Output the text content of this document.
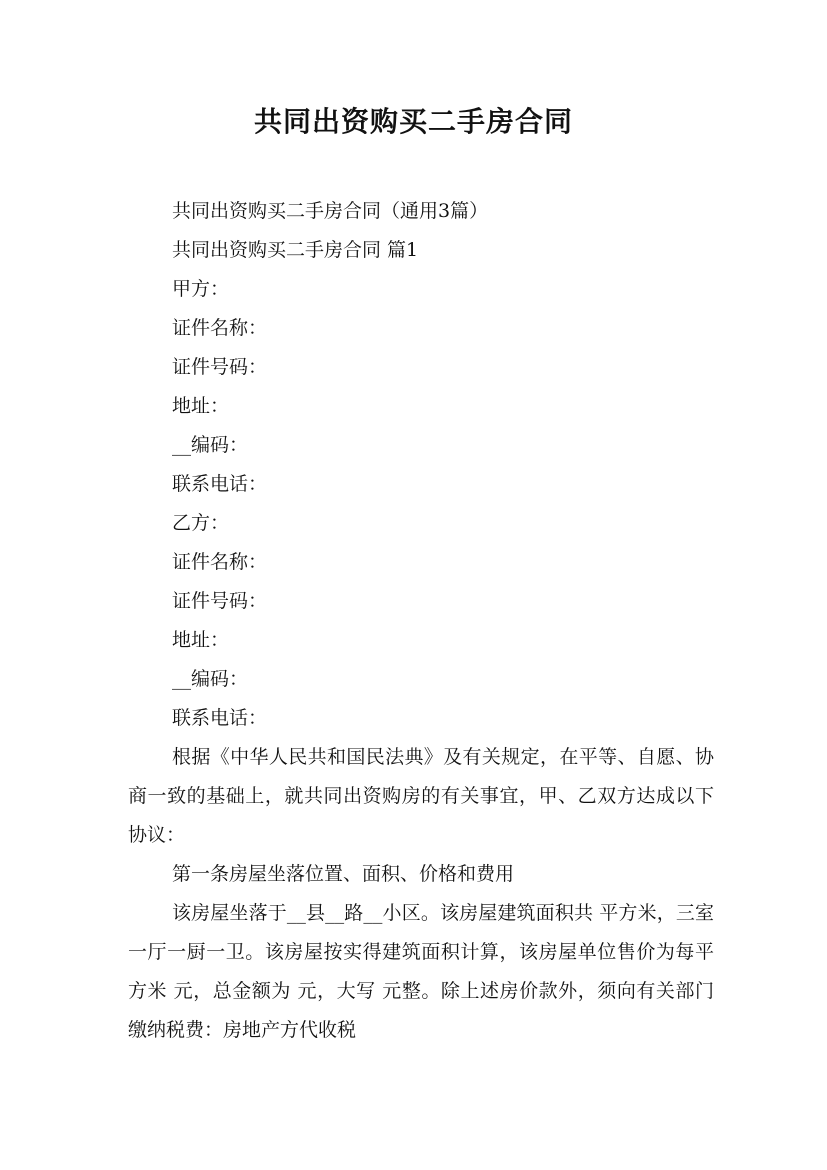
共同出资购买二手房合同

共同出资购买二手房合同（通用3篇）

共同出资购买二手房合同 篇1

甲方：

证件名称：

证件号码：

地址：

__编码：

联系电话：

乙方：

证件名称：

证件号码：

地址：

__编码：

联系电话：

根据《中华人民共和国民法典》及有关规定，在平等、自愿、协商一致的基础上，就共同出资购房的有关事宜，甲、乙双方达成以下协议：

第一条房屋坐落位置、面积、价格和费用

该房屋坐落于__县__路__小区。该房屋建筑面积共 平方米，三室一厅一厨一卫。该房屋按实得建筑面积计算，该房屋单位售价为每平方米 元，总金额为 元，大写 元整。除上述房价款外，须向有关部门缴纳税费：房地产方代收税
